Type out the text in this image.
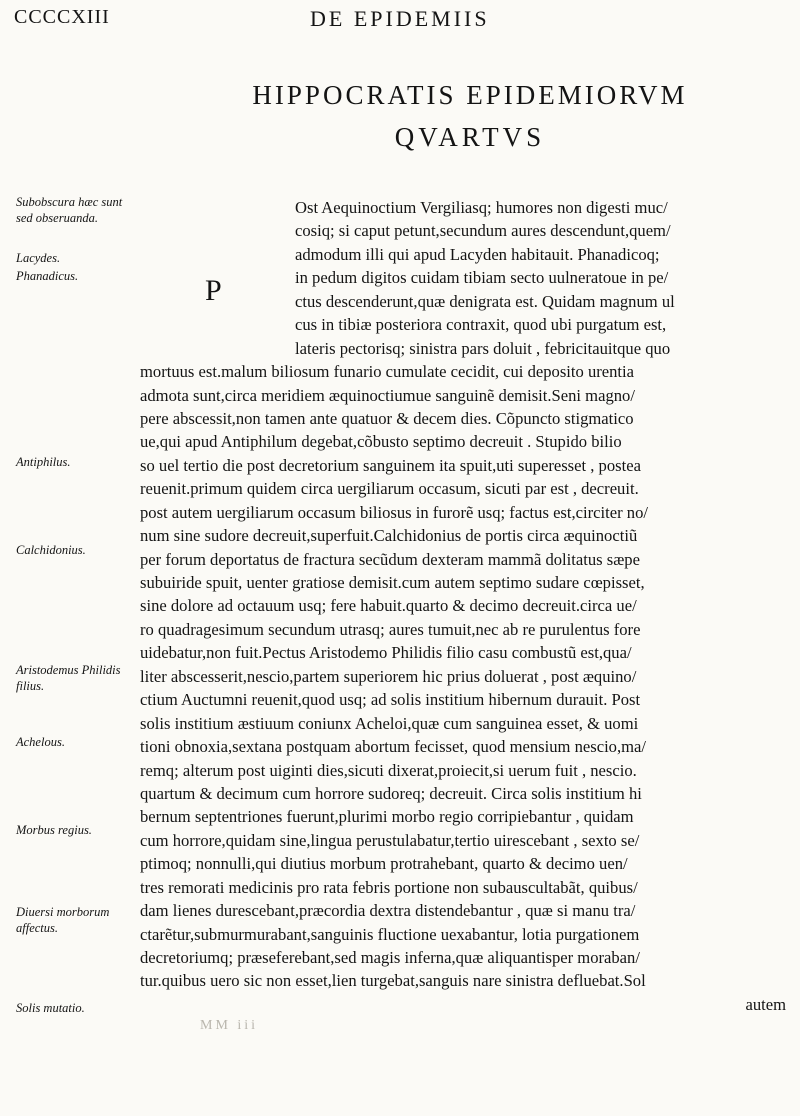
CCCCXIII	DE EPIDEMIIS
HIPPOCRATIS EPIDEMIORVM
QVARTVS
Subobscura hæc sunt sed obseruanda.
Lacydes.
Phanadicus.
Antiphilus.
Calchidonius.
Aristodemus Philidis filius.
Achelous.
Morbus regius.
Diuersi morborum affectus.
Solis mutatio.
P
Ost Aequinoctium Vergiliasq; humores non digesti muc/
cosiq; si caput petunt,secundum aures descendunt,quem/
admodum illi qui apud Lacyden habitauit. Phanadicoq;
in pedum digitos cuidam tibiam secto uulneratoue in pe/
ctus descenderunt,quæ denigrata est. Quidam magnum ul
cus in tibiæ posteriora contraxit, quod ubi purgatum est,
lateris pectorisq; sinistra pars doluit , febricitauitque quo
mortuus est.malum biliosum funario cumulate cecidit, cui deposito urentia
admota sunt,circa meridiem æquinoctiumue sanguinẽ demisit.Seni magno/
pere abscessit,non tamen ante quatuor & decem dies. Cõpuncto stigmatico
ue,qui apud Antiphilum degebat,cõbusto septimo decreuit . Stupido bilio
so uel tertio die post decretorium sanguinem ita spuit,uti superesset , postea
reuenit.primum quidem circa uergiliarum occasum, sicuti par est , decreuit.
post autem uergiliarum occasum biliosus in furorẽ usq; factus est,circiter no/
num sine sudore decreuit,superfuit.Calchidonius de portis circa æquinoctiũ
per forum deportatus de fractura secũdum dexteram mammã dolitatus sæpe
subuiride spuit, uenter gratiose demisit.cum autem septimo sudare cœpisset,
sine dolore ad octauum usq; fere habuit.quarto & decimo decreuit.circa ue/
ro quadragesimum secundum utrasq; aures tumuit,nec ab re purulentus fore
uidebatur,non fuit.Pectus Aristodemo Philidis filio casu combustũ est,qua/
liter abscesserit,nescio,partem superiorem hic prius doluerat , post æquino/
ctium Auctumni reuenit,quod usq; ad solis institium hibernum durauit. Post
solis institium æstiuum coniunx Acheloi,quæ cum sanguinea esset, & uomi
tioni obnoxia,sextana postquam abortum fecisset, quod mensium nescio,ma/
remq; alterum post uiginti dies,sicuti dixerat,proiecit,si uerum fuit , nescio.
quartum & decimum cum horrore sudoreq; decreuit. Circa solis institium hi
bernum septentriones fuerunt,plurimi morbo regio corripiebantur , quidam
cum horrore,quidam sine,lingua perustulabatur,tertio uirescebant , sexto se/
ptimoq; nonnulli,qui diutius morbum protrahebant, quarto & decimo uen/
tres remorati medicinis pro rata febris portione non subauscultabãt, quibus/
dam lienes durescebant,præcordia dextra distendebantur , quæ si manu tra/
ctarẽtur,submurmurabant,sanguinis fluctione uexabantur, lotia purgationem
decretoriumq; præseferebant,sed magis inferna,quæ aliquantisper moraban/
tur.quibus uero sic non esset,lien turgebat,sanguis nare sinistra defluebat.Sol
autem
MM iii
